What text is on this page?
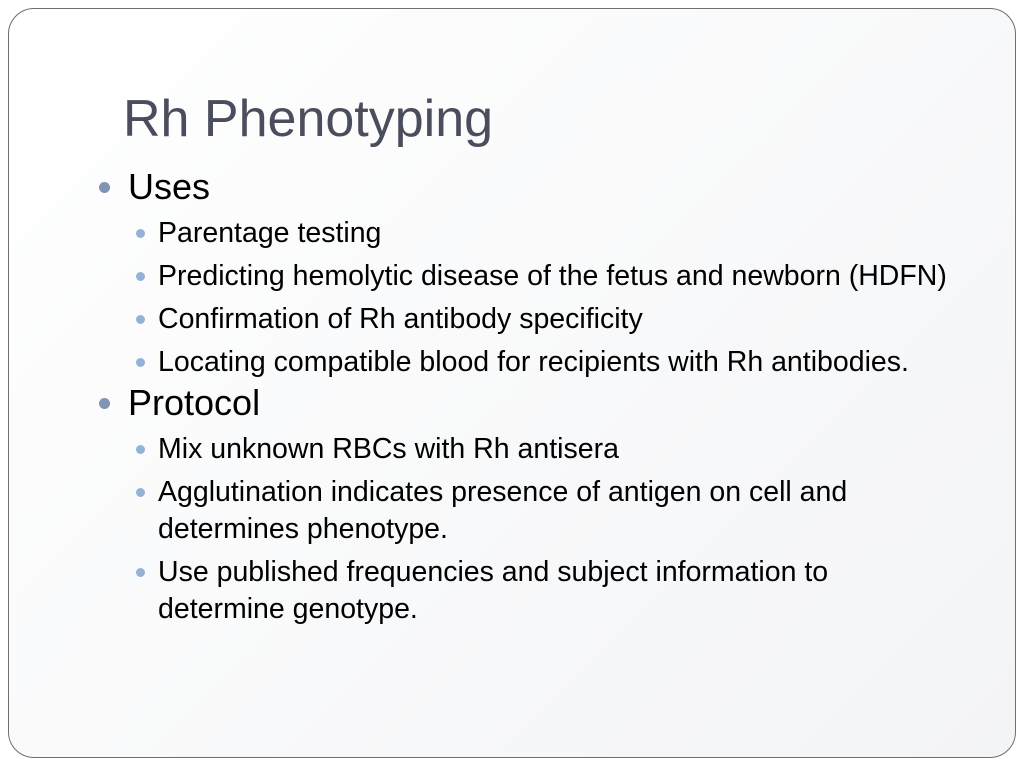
Rh Phenotyping
Uses
Parentage testing
Predicting hemolytic disease of the fetus and newborn (HDFN)
Confirmation of Rh antibody specificity
Locating compatible blood for recipients with Rh antibodies.
Protocol
Mix unknown RBCs with Rh antisera
Agglutination indicates presence of antigen on cell and determines phenotype.
Use published frequencies and subject information to determine genotype.
